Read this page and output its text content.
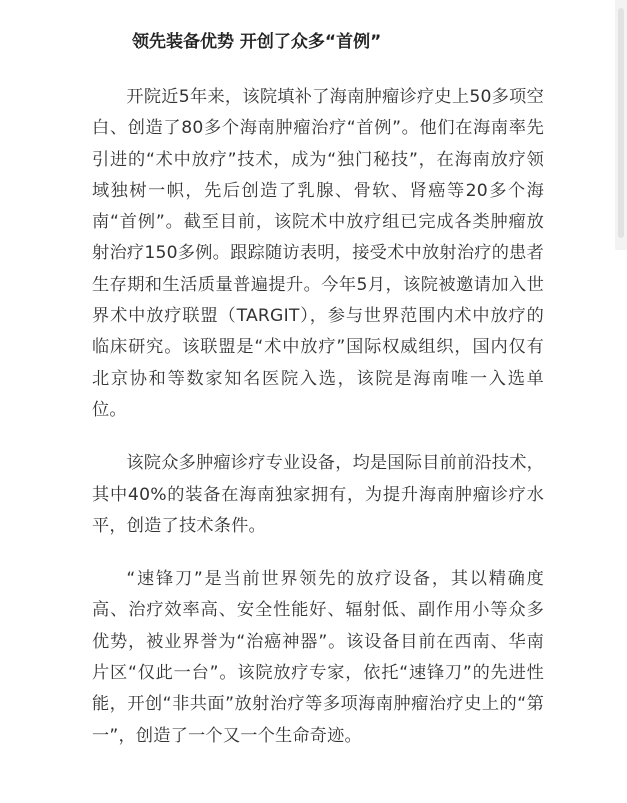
领先装备优势 开创了众多“首例”

开院近5年来，该院填补了海南肿瘤诊疗史上50多项空白、创造了80多个海南肿瘤治疗“首例”。他们在海南率先引进的“术中放疗”技术，成为“独门秘技”，在海南放疗领域独树一帜，先后创造了乳腺、骨软、肾癌等20多个海南“首例”。截至目前，该院术中放疗组已完成各类肿瘤放射治疗150多例。跟踪随访表明，接受术中放射治疗的患者生存期和生活质量普遍提升。今年5月，该院被邀请加入世界术中放疗联盟（TARGIT），参与世界范围内术中放疗的临床研究。该联盟是“术中放疗”国际权威组织，国内仅有北京协和等数家知名医院入选，该院是海南唯一入选单位。

该院众多肿瘤诊疗专业设备，均是国际目前前沿技术，其中40%的装备在海南独家拥有，为提升海南肿瘤诊疗水平，创造了技术条件。

“速锋刀”是当前世界领先的放疗设备，其以精确度高、治疗效率高、安全性能好、辐射低、副作用小等众多优势，被业界誉为“治癌神器”。该设备目前在西南、华南片区“仅此一台”。该院放疗专家，依托“速锋刀”的先进性能，开创“非共面”放射治疗等多项海南肿瘤治疗史上的“第一”，创造了一个又一个生命奇迹。
